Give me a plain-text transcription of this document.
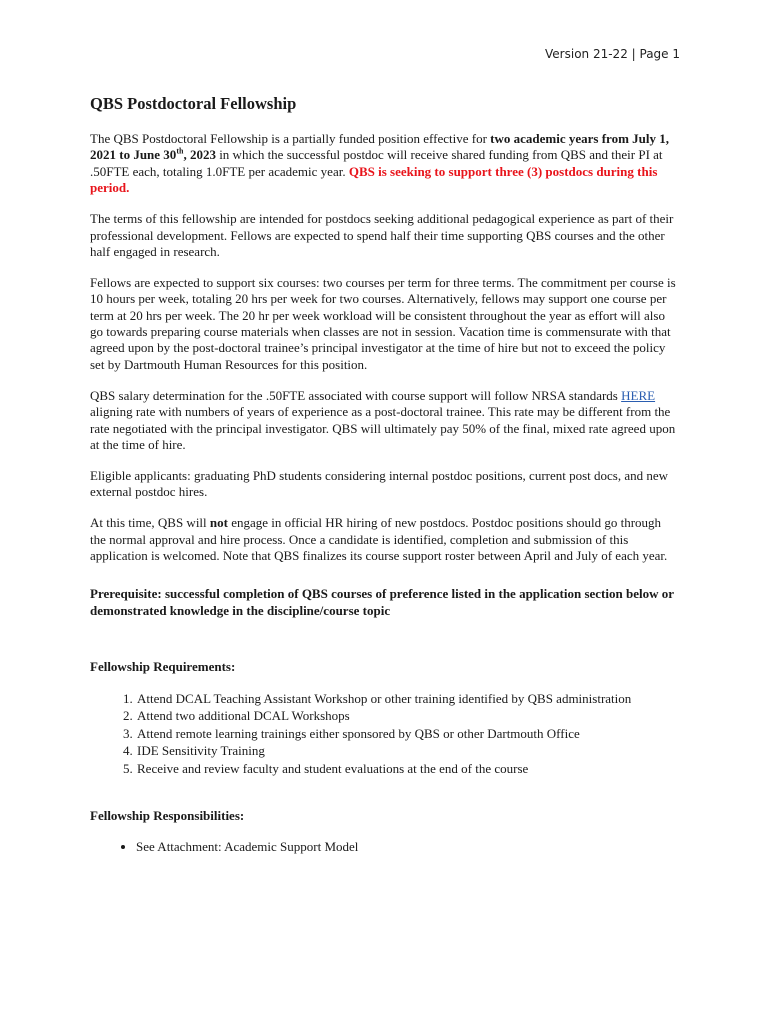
Version 21-22 | Page 1
QBS Postdoctoral Fellowship

The QBS Postdoctoral Fellowship is a partially funded position effective for two academic years from July 1, 2021 to June 30th, 2023 in which the successful postdoc will receive shared funding from QBS and their PI at .50FTE each, totaling 1.0FTE per academic year. QBS is seeking to support three (3) postdocs during this period.

The terms of this fellowship are intended for postdocs seeking additional pedagogical experience as part of their professional development. Fellows are expected to spend half their time supporting QBS courses and the other half engaged in research.

Fellows are expected to support six courses: two courses per term for three terms. The commitment per course is 10 hours per week, totaling 20 hrs per week for two courses. Alternatively, fellows may support one course per term at 20 hrs per week. The 20 hr per week workload will be consistent throughout the year as effort will also go towards preparing course materials when classes are not in session. Vacation time is commensurate with that agreed upon by the post-doctoral trainee’s principal investigator at the time of hire but not to exceed the policy set by Dartmouth Human Resources for this position.

QBS salary determination for the .50FTE associated with course support will follow NRSA standards HERE aligning rate with numbers of years of experience as a post-doctoral trainee. This rate may be different from the rate negotiated with the principal investigator. QBS will ultimately pay 50% of the final, mixed rate agreed upon at the time of hire.

Eligible applicants: graduating PhD students considering internal postdoc positions, current post docs, and new external postdoc hires.

At this time, QBS will not engage in official HR hiring of new postdocs. Postdoc positions should go through the normal approval and hire process. Once a candidate is identified, completion and submission of this application is welcomed. Note that QBS finalizes its course support roster between April and July of each year.

Prerequisite: successful completion of QBS courses of preference listed in the application section below or demonstrated knowledge in the discipline/course topic

Fellowship Requirements:
1. Attend DCAL Teaching Assistant Workshop or other training identified by QBS administration
2. Attend two additional DCAL Workshops
3. Attend remote learning trainings either sponsored by QBS or other Dartmouth Office
4. IDE Sensitivity Training
5. Receive and review faculty and student evaluations at the end of the course
Fellowship Responsibilities:
• See Attachment: Academic Support Model
